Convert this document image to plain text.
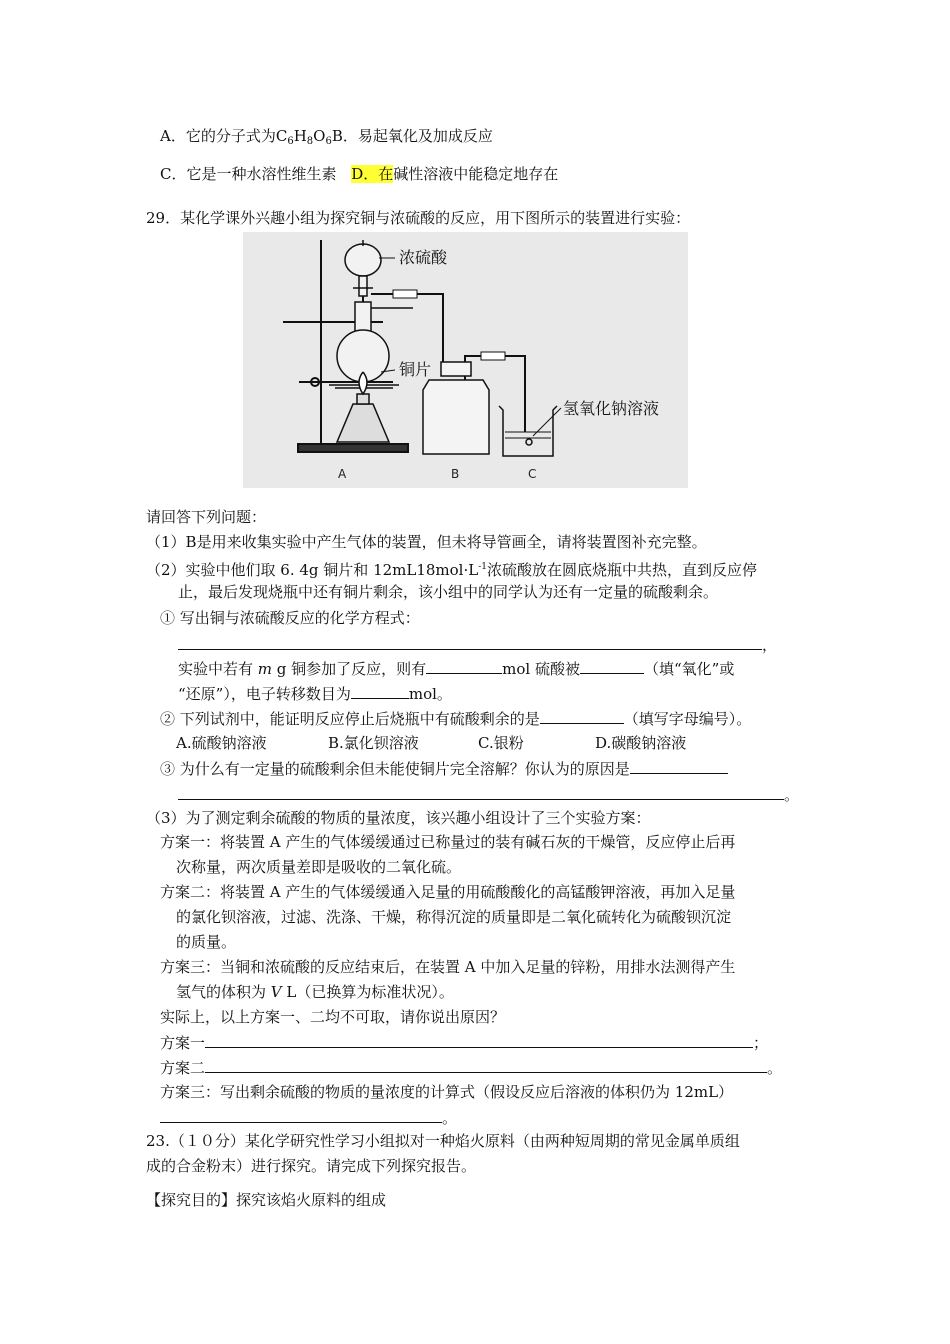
A．它的分子式为$C_6H_8O_6B$．易起氧化及加成反应
C．它是一种水溶性维生素 D．在碱性溶液中能稳定地存在
29．某化学课外兴趣小组为探究铜与浓硫酸的反应，用下图所示的装置进行实验：
浓硫酸
铜片
氢氧化钠溶液
A	B	C
请回答下列问题：
（1）B是用来收集实验中产生气体的装置，但未将导管画全，请将装置图补充完整。
（2）实验中他们取 6. 4g 铜片和 $12mL18mol\cdot L^{-1}$浓硫酸放在圆底烧瓶中共热，直到反应停
止，最后发现烧瓶中还有铜片剩余，该小组中的同学认为还有一定量的硫酸剩余。
① 写出铜与浓硫酸反应的化学方程式：
，
实验中若有 m g 铜参加了反应，则有	mol 硫酸被	（填“氧化”或
“还原”），电子转移数目为	mol。
② 下列试剂中，能证明反应停止后烧瓶中有硫酸剩余的是	（填写字母编号）。
A.硫酸钠溶液	B.氯化钡溶液	C.银粉	D.碳酸钠溶液
③ 为什么有一定量的硫酸剩余但未能使铜片完全溶解？你认为的原因是
。
（3）为了测定剩余硫酸的物质的量浓度，该兴趣小组设计了三个实验方案：
方案一：将装置 A 产生的气体缓缓通过已称量过的装有碱石灰的干燥管，反应停止后再
次称量，两次质量差即是吸收的二氧化硫。
方案二：将装置 A 产生的气体缓缓通入足量的用硫酸酸化的高锰酸钾溶液，再加入足量
的氯化钡溶液，过滤、洗涤、干燥，称得沉淀的质量即是二氧化硫转化为硫酸钡沉淀
的质量。
方案三：当铜和浓硫酸的反应结束后，在装置 A 中加入足量的锌粉，用排水法测得产生
氢气的体积为 V L（已换算为标准状况）。
实际上，以上方案一、二均不可取，请你说出原因？
方案一	；
方案二	。
方案三：写出剩余硫酸的物质的量浓度的计算式（假设反应后溶液的体积仍为 12mL）
。
23.（１０分）某化学研究性学习小组拟对一种焰火原料（由两种短周期的常见金属单质组
成的合金粉末）进行探究。请完成下列探究报告。
【探究目的】探究该焰火原料的组成
